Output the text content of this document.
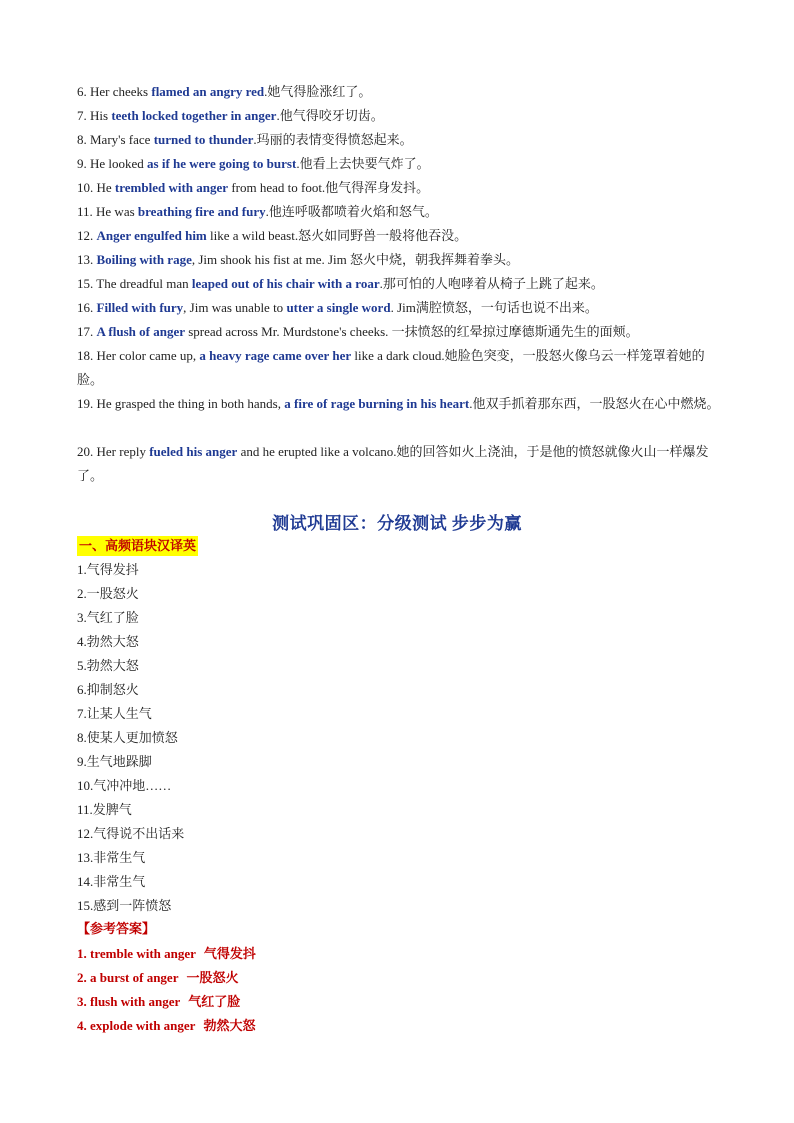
6. Her cheeks flamed an angry red.她气得脸涨红了。
7. His teeth locked together in anger.他气得咬牙切齿。
8. Mary's face turned to thunder.玛丽的表情变得愤怒起来。
9. He looked as if he were going to burst.他看上去快要气炸了。
10. He trembled with anger from head to foot.他气得浑身发抖。
11. He was breathing fire and fury.他连呼吸都喷着火焰和怒气。
12. Anger engulfed him like a wild beast.怒火如同野兽一般将他吞没。
13. Boiling with rage, Jim shook his fist at me. Jim 怒火中烧，朝我挥舞着拳头。
15. The dreadful man leaped out of his chair with a roar.那可怕的人咆哮着从椅子上跳了起来。
16. Filled with fury, Jim was unable to utter a single word. Jim满腔愤怒，一句话也说不出来。
17. A flush of anger spread across Mr. Murdstone's cheeks. 一抹愤怒的红晕掠过摩德斯通先生的面颊。
18. Her color came up, a heavy rage came over her like a dark cloud.她脸色突变，一股怒火像乌云一样笼罩着她的脸。
19. He grasped the thing in both hands, a fire of rage burning in his heart.他双手抓着那东西，一股怒火在心中燃烧。
20. Her reply fueled his anger and he erupted like a volcano.她的回答如火上浇油，于是他的愤怒就像火山一样爆发了。
测试巩固区：分级测试 步步为赢
一、高频语块汉译英
1.气得发抖
2.一股怒火
3.气红了脸
4.勃然大怒
5.勃然大怒
6.抑制怒火
7.让某人生气
8.使某人更加愤怒
9.生气地跺脚
10.气冲冲地……
11.发脾气
12.气得说不出话来
13.非常生气
14.非常生气
15.感到一阵愤怒
【参考答案】
1. tremble with anger 气得发抖
2. a burst of anger 一股怒火
3. flush with anger 气红了脸
4. explode with anger 勃然大怒
